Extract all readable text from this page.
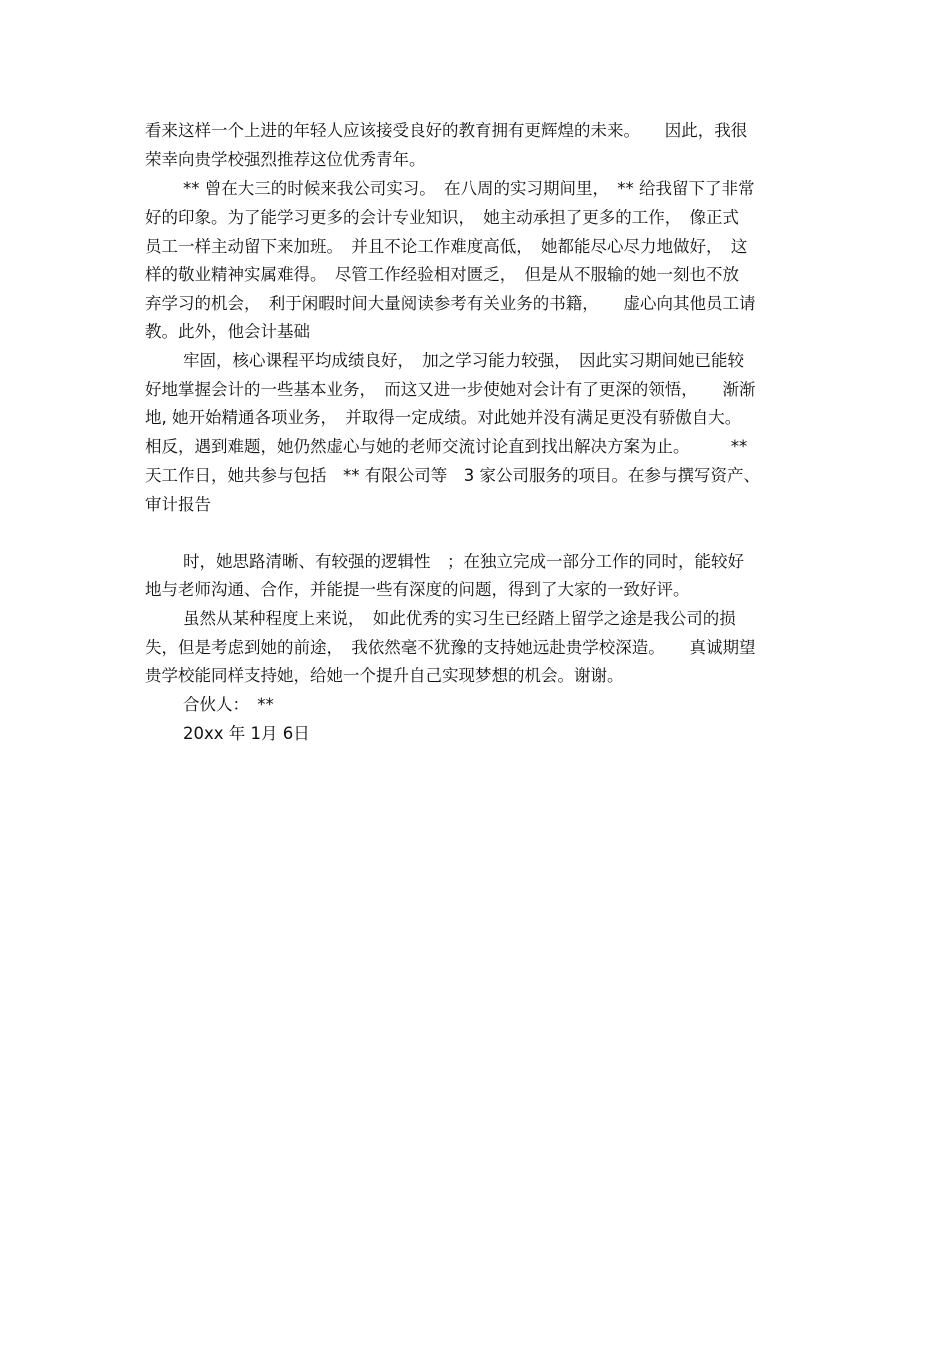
看来这样一个上进的年轻人应该接受良好的教育拥有更辉煌的未来。　　因此，我很
荣幸向贵学校强烈推荐这位优秀青年。
** 曾在大三的时候来我公司实习。　在八周的实习期间里，　** 给我留下了非常
好的印象。为了能学习更多的会计专业知识，　她主动承担了更多的工作，　像正式
员工一样主动留下来加班。　并且不论工作难度高低，　她都能尽心尽力地做好，　这
样的敬业精神实属难得。　尽管工作经验相对匮乏，　但是从不服输的她一刻也不放
弃学习的机会，　利于闲暇时间大量阅读参考有关业务的书籍，　　虚心向其他员工请
教。此外，他会计基础
牢固，核心课程平均成绩良好，　加之学习能力较强，　因此实习期间她已能较
好地掌握会计的一些基本业务，　而这又进一步使她对会计有了更深的领悟，　　渐渐
地, 她开始精通各项业务，　并取得一定成绩。对此她并没有满足更没有骄傲自大。
相反，遇到难题，她仍然虚心与她的老师交流讨论直到找出解决方案为止。　　　**
天工作日，她共参与包括　** 有限公司等　3 家公司服务的项目。在参与撰写资产、
审计报告
时，她思路清晰、有较强的逻辑性　；在独立完成一部分工作的同时，能较好
地与老师沟通、合作，并能提一些有深度的问题，得到了大家的一致好评。
虽然从某种程度上来说，　如此优秀的实习生已经踏上留学之途是我公司的损
失，但是考虑到她的前途，　我依然毫不犹豫的支持她远赴贵学校深造。　　真诚期望
贵学校能同样支持她，给她一个提升自己实现梦想的机会。谢谢。
合伙人：　**
20xx 年 1月 6日
